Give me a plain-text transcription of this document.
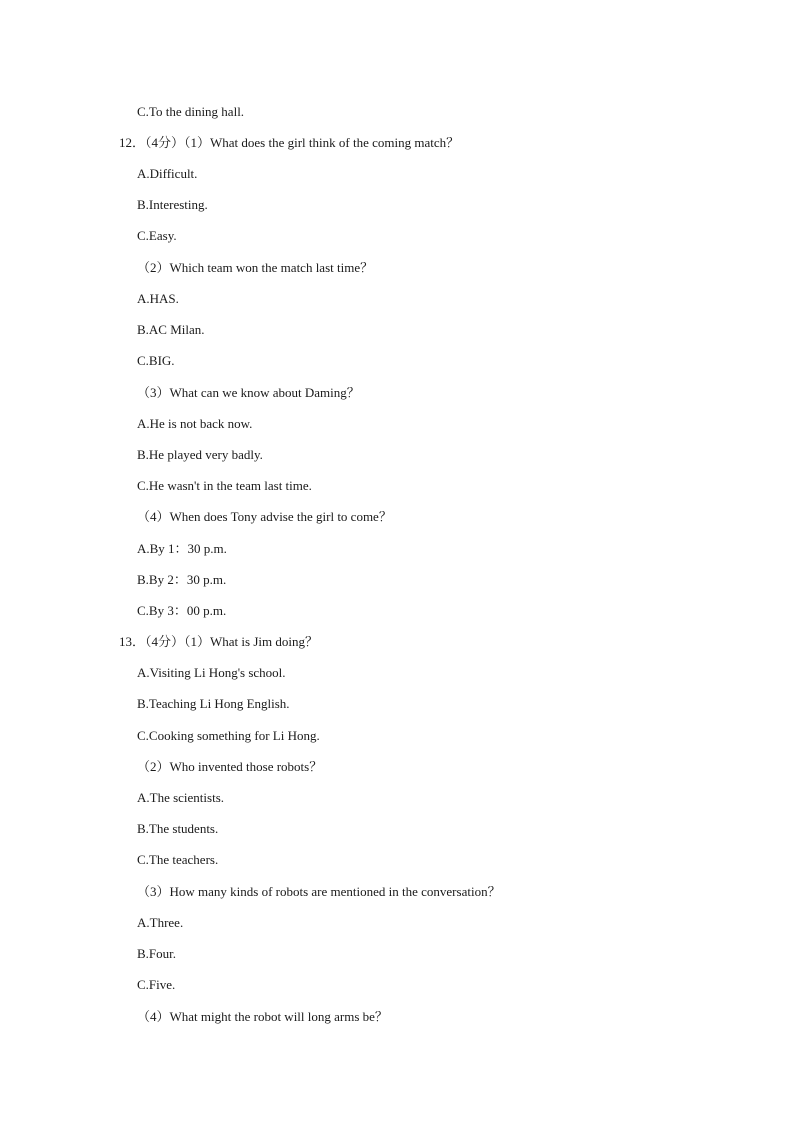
C.To the dining hall.
12．（4分）（1）What does the girl think of the coming match？
A.Difficult.
B.Interesting.
C.Easy.
（2）Which team won the match last time？
A.HAS.
B.AC Milan.
C.BIG.
（3）What can we know about Daming？
A.He is not back now.
B.He played very badly.
C.He wasn't in the team last time.
（4）When does Tony advise the girl to come？
A.By 1：30 p.m.
B.By 2：30 p.m.
C.By 3：00 p.m.
13．（4分）（1）What is Jim doing？
A.Visiting Li Hong's school.
B.Teaching Li Hong English.
C.Cooking something for Li Hong.
（2）Who invented those robots？
A.The scientists.
B.The students.
C.The teachers.
（3）How many kinds of robots are mentioned in the conversation？
A.Three.
B.Four.
C.Five.
（4）What might the robot will long arms be？
